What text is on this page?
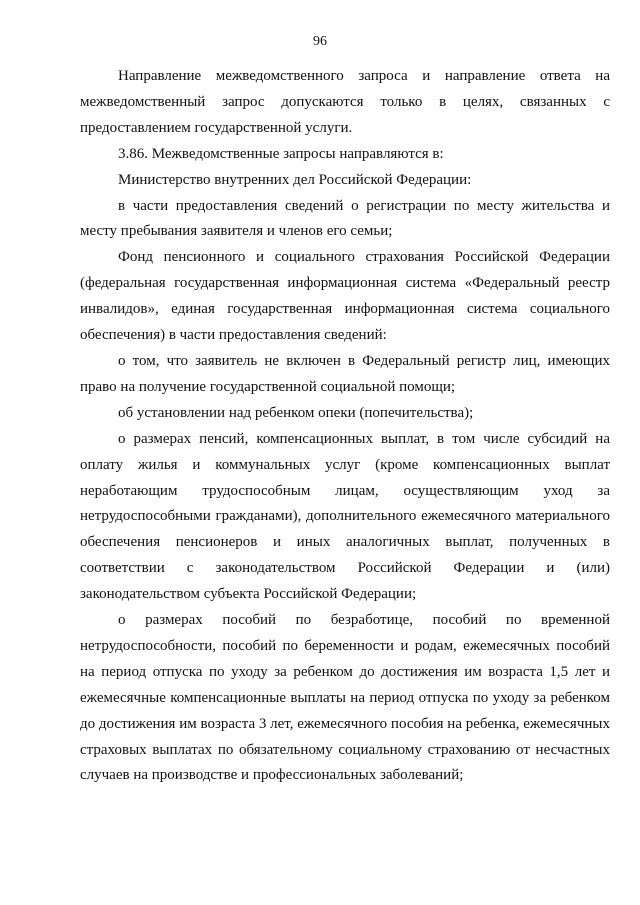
96

Направление межведомственного запроса и направление ответа на межведомственный запрос допускаются только в целях, связанных с предоставлением государственной услуги.

3.86. Межведомственные запросы направляются в:

Министерство внутренних дел Российской Федерации:

в части предоставления сведений о регистрации по месту жительства и месту пребывания заявителя и членов его семьи;

Фонд пенсионного и социального страхования Российской Федерации (федеральная государственная информационная система «Федеральный реестр инвалидов», единая государственная информационная система социального обеспечения) в части предоставления сведений:

о том, что заявитель не включен в Федеральный регистр лиц, имеющих право на получение государственной социальной помощи;

об установлении над ребенком опеки (попечительства);

о размерах пенсий, компенсационных выплат, в том числе субсидий на оплату жилья и коммунальных услуг (кроме компенсационных выплат неработающим трудоспособным лицам, осуществляющим уход за нетрудоспособными гражданами), дополнительного ежемесячного материального обеспечения пенсионеров и иных аналогичных выплат, полученных в соответствии с законодательством Российской Федерации и (или) законодательством субъекта Российской Федерации;

о размерах пособий по безработице, пособий по временной нетрудоспособности, пособий по беременности и родам, ежемесячных пособий на период отпуска по уходу за ребенком до достижения им возраста 1,5 лет и ежемесячные компенсационные выплаты на период отпуска по уходу за ребенком до достижения им возраста 3 лет, ежемесячного пособия на ребенка, ежемесячных страховых выплатах по обязательному социальному страхованию от несчастных случаев на производстве и профессиональных заболеваний;
